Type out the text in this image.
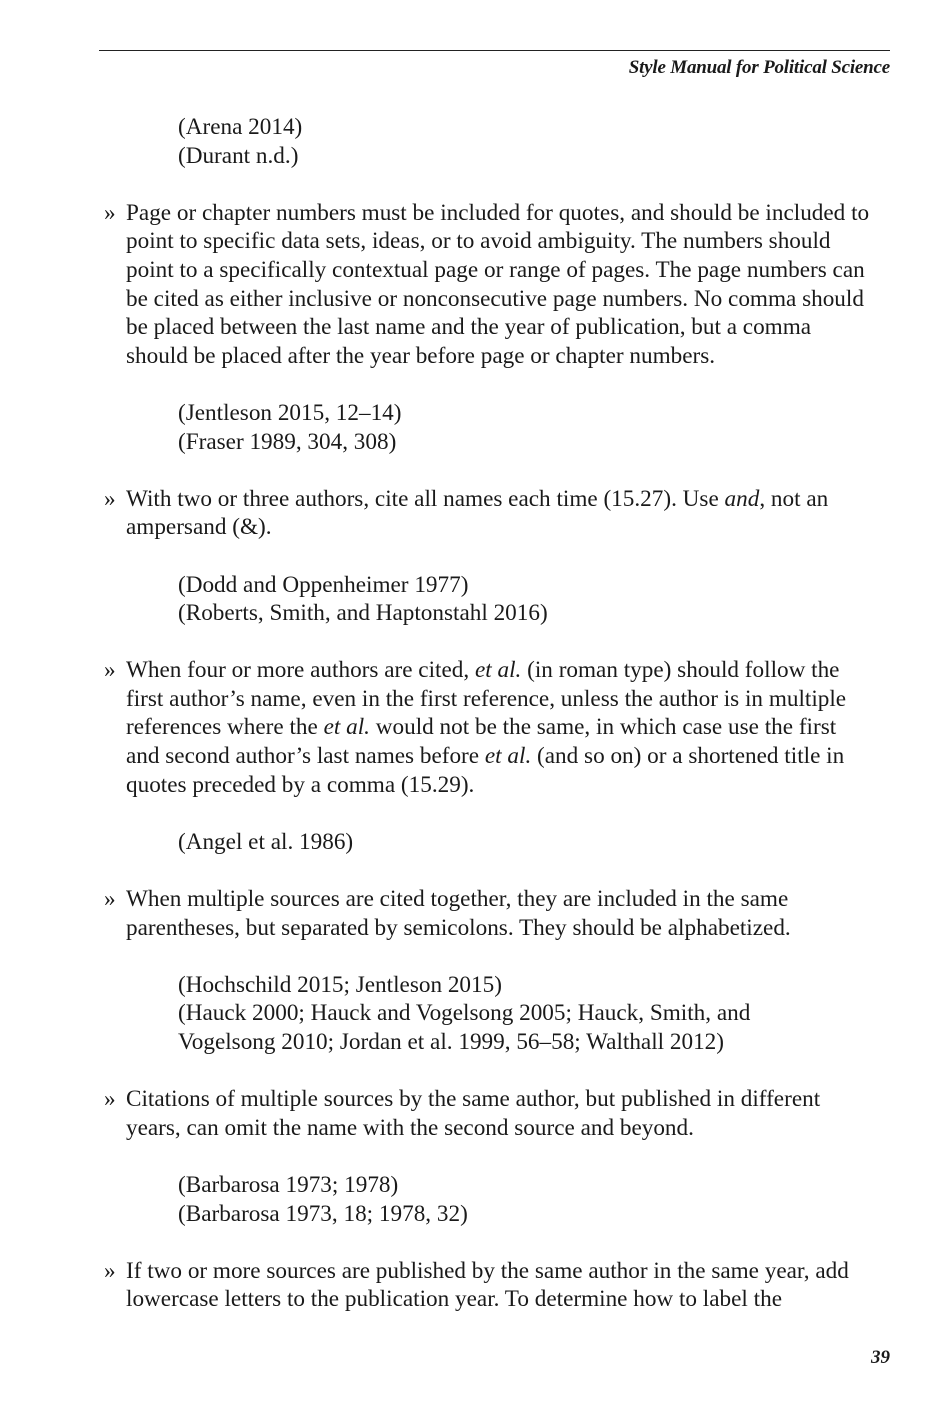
Style Manual for Political Science
(Arena 2014)
(Durant n.d.)
» Page or chapter numbers must be included for quotes, and should be included to point to specific data sets, ideas, or to avoid ambiguity. The numbers should point to a specifically contextual page or range of pages. The page numbers can be cited as either inclusive or nonconsecutive page numbers. No comma should be placed between the last name and the year of publication, but a comma should be placed after the year before page or chapter numbers.
(Jentleson 2015, 12–14)
(Fraser 1989, 304, 308)
» With two or three authors, cite all names each time (15.27). Use and, not an ampersand (&).
(Dodd and Oppenheimer 1977)
(Roberts, Smith, and Haptonstahl 2016)
» When four or more authors are cited, et al. (in roman type) should follow the first author’s name, even in the first reference, unless the author is in multiple references where the et al. would not be the same, in which case use the first and second author’s last names before et al. (and so on) or a shortened title in quotes preceded by a comma (15.29).
(Angel et al. 1986)
» When multiple sources are cited together, they are included in the same parentheses, but separated by semicolons. They should be alphabetized.
(Hochschild 2015; Jentleson 2015)
(Hauck 2000; Hauck and Vogelsong 2005; Hauck, Smith, and
Vogelsong 2010; Jordan et al. 1999, 56–58; Walthall 2012)
» Citations of multiple sources by the same author, but published in different years, can omit the name with the second source and beyond.
(Barbarosa 1973; 1978)
(Barbarosa 1973, 18; 1978, 32)
» If two or more sources are published by the same author in the same year, add lowercase letters to the publication year. To determine how to label the
39
